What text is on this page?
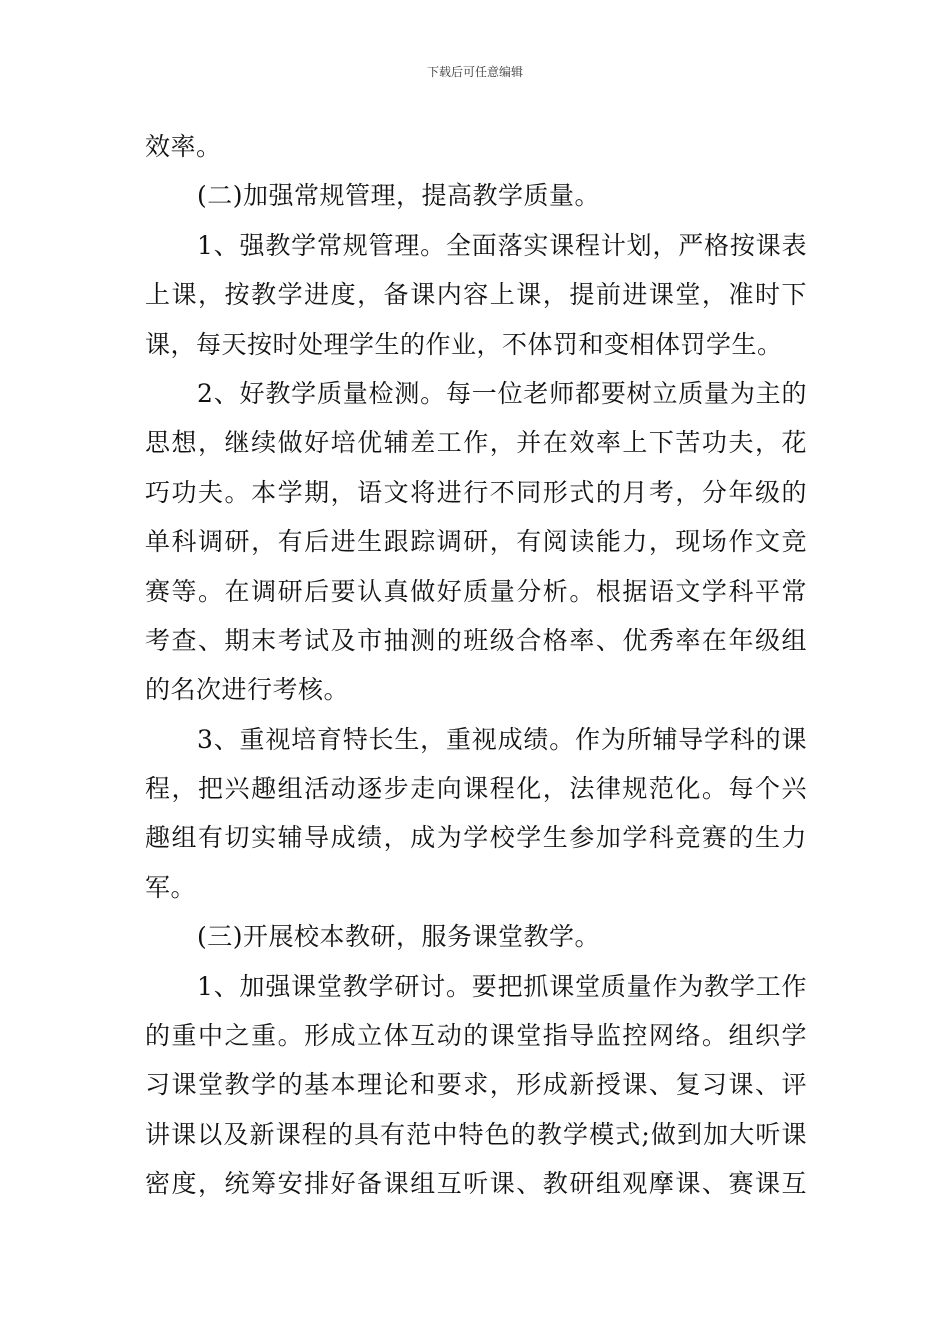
下载后可任意编辑
效率。
(二)加强常规管理，提高教学质量。
1、强教学常规管理。全面落实课程计划，严格按课表
上课，按教学进度，备课内容上课，提前进课堂，准时下
课，每天按时处理学生的作业，不体罚和变相体罚学生。
2、好教学质量检测。每一位老师都要树立质量为主的
思想，继续做好培优辅差工作，并在效率上下苦功夫，花
巧功夫。本学期，语文将进行不同形式的月考，分年级的
单科调研，有后进生跟踪调研，有阅读能力，现场作文竞
赛等。在调研后要认真做好质量分析。根据语文学科平常
考查、期末考试及市抽测的班级合格率、优秀率在年级组
的名次进行考核。
3、重视培育特长生，重视成绩。作为所辅导学科的课
程，把兴趣组活动逐步走向课程化，法律规范化。每个兴
趣组有切实辅导成绩，成为学校学生参加学科竞赛的生力
军。
(三)开展校本教研，服务课堂教学。
1、加强课堂教学研讨。要把抓课堂质量作为教学工作
的重中之重。形成立体互动的课堂指导监控网络。组织学
习课堂教学的基本理论和要求，形成新授课、复习课、评
讲课以及新课程的具有范中特色的教学模式;做到加大听课
密度，统筹安排好备课组互听课、教研组观摩课、赛课互
